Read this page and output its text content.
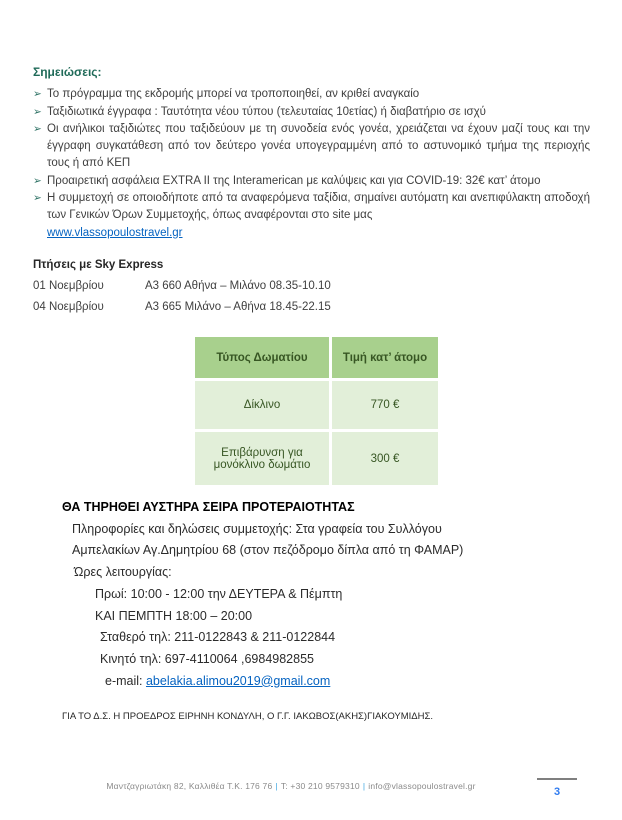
Σημειώσεις:
➢ Το πρόγραμμα της εκδρομής μπορεί να τροποποιηθεί, αν κριθεί αναγκαίο
➢ Ταξιδιωτικά έγγραφα : Ταυτότητα νέου τύπου (τελευταίας 10ετίας) ή διαβατήριο σε ισχύ
➢ Οι ανήλικοι ταξιδιώτες που ταξιδεύουν με τη συνοδεία ενός γονέα, χρειάζεται να έχουν μαζί τους και την έγγραφη συγκατάθεση από τον δεύτερο γονέα υπογεγραμμένη από το αστυνομικό τμήμα της περιοχής τους ή από ΚΕΠ
➢ Προαιρετική ασφάλεια EXTRA II της Interamerican με καλύψεις και για COVID-19: 32€ κατ’ άτομο
➢ Η συμμετοχή σε οποιοδήποτε από τα αναφερόμενα ταξίδια, σημαίνει αυτόματη και ανεπιφύλακτη αποδοχή των Γενικών Όρων Συμμετοχής, όπως αναφέρονται στο site μας
www.vlassopoulostravel.gr
Πτήσεις με Sky Express
01 Νοεμβρίου	Α3 660 Αθήνα – Μιλάνο 08.35-10.10
04 Νοεμβρίου	Α3 665 Μιλάνο – Αθήνα 18.45-22.15
Τύπος Δωματίου	Τιμή κατ’ άτομο
Δίκλινο	770 €
Επιβάρυνση για μονόκλινο δωμάτιο	300 €
ΘΑ ΤΗΡΗΘΕΙ ΑΥΣΤΗΡΑ ΣΕΙΡΑ ΠΡΟΤΕΡΑΙΟΤΗΤΑΣ
Πληροφορίες και δηλώσεις συμμετοχής: Στα γραφεία του Συλλόγου
Αμπελακίων Αγ.Δημητρίου 68 (στον πεζόδρομο δίπλα από τη ΦΑΜΑΡ)
Ώρες λειτουργίας:
Πρωί: 10:00 - 12:00 την ΔΕΥΤΕΡΑ & Πέμπτη
ΚΑΙ ΠΕΜΠΤΗ 18:00 – 20:00
Σταθερό τηλ: 211-0122843 & 211-0122844
Κινητό τηλ: 697-4110064 ,6984982855
e-mail: abelakia.alimou2019@gmail.com
ΓΙΑ ΤΟ Δ.Σ. Η ΠΡΟΕΔΡΟΣ ΕΙΡΗΝΗ ΚΟΝΔΥΛΗ, Ο Γ.Γ. ΙΑΚΩΒΟΣ(ΑΚΗΣ)ΓΙΑΚΟΥΜΙΔΗΣ.
Μαντζαγριωτάκη 82, Καλλιθέα Τ.Κ. 176 76 | T: +30 210 9579310 | info@vlassopoulostravel.gr	3
